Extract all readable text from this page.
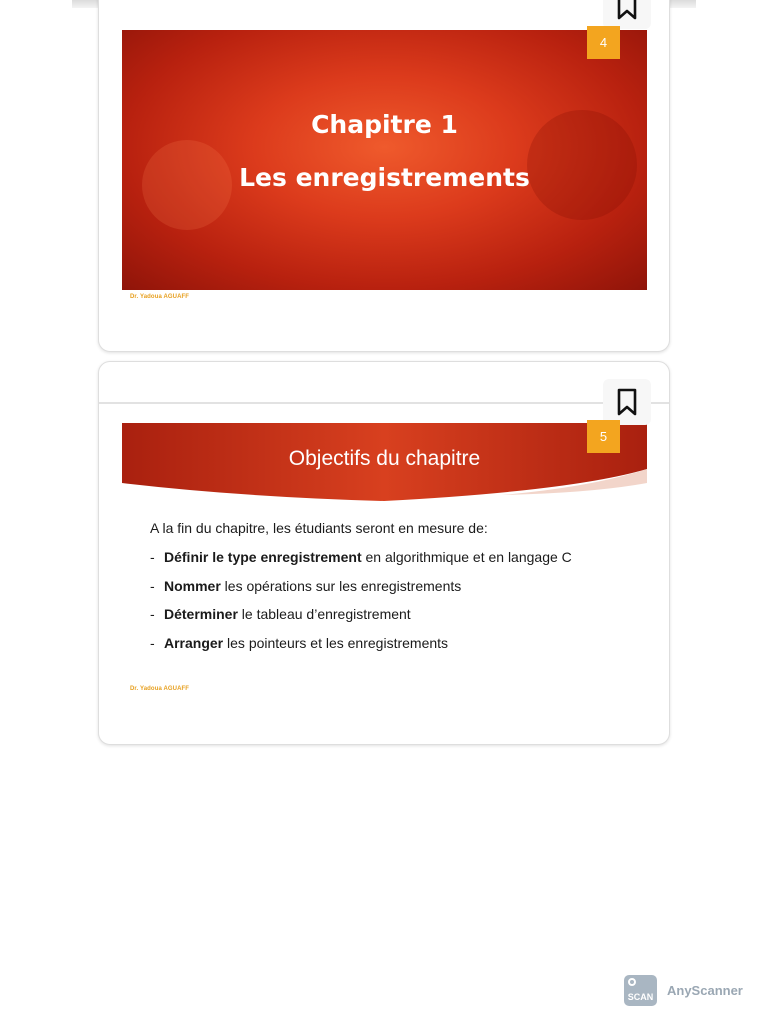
Chapitre 1
Les enregistrements
Dr. Yadoua AGUAFF
4
Objectifs du chapitre
A la fin du chapitre, les étudiants seront en mesure de:
- Définir le type enregistrement en algorithmique et en langage C
- Nommer les opérations sur les enregistrements
- Déterminer le tableau d’enregistrement
- Arranger les pointeurs et les enregistrements
Dr. Yadoua AGUAFF
5
SCAN AnyScanner
